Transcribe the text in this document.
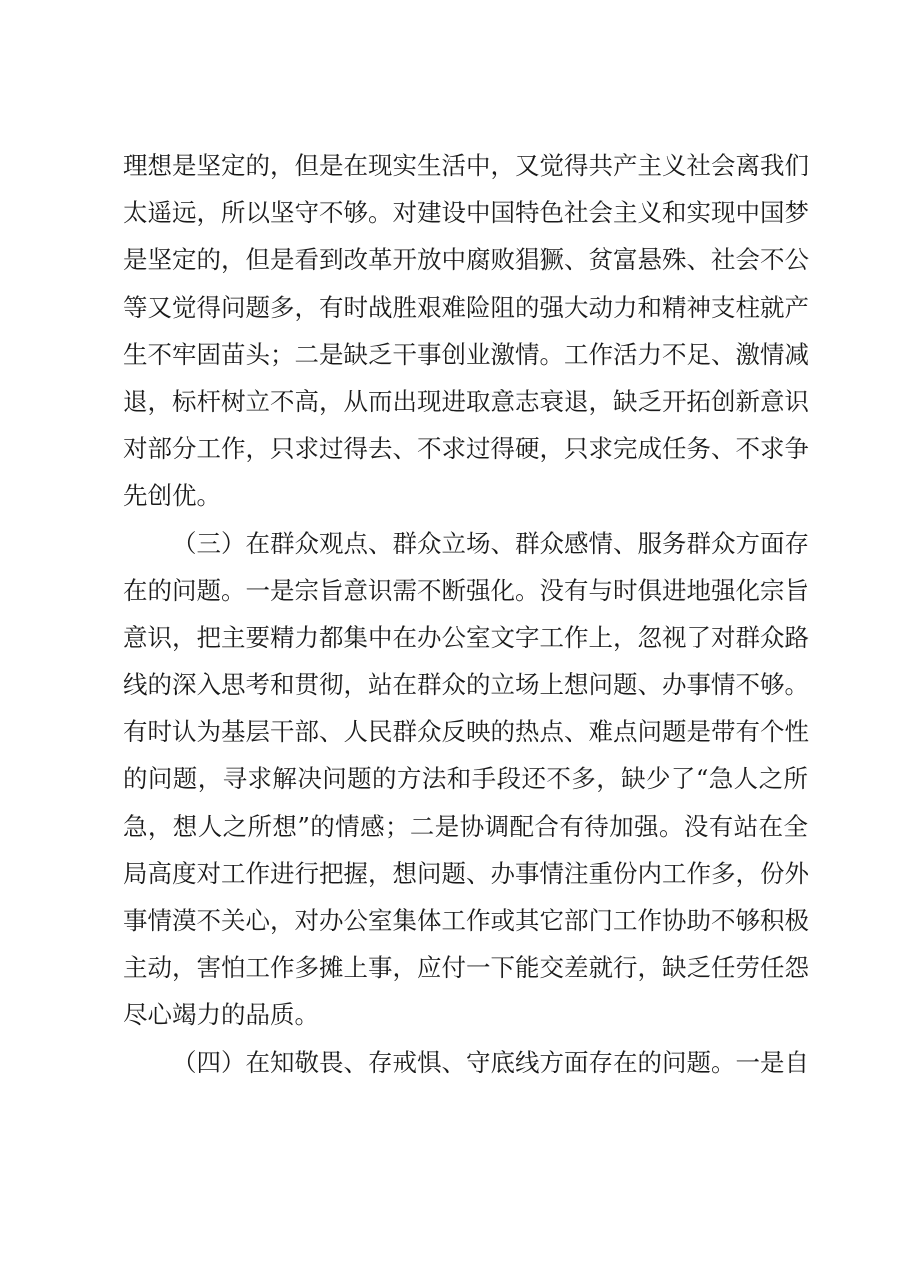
理想是坚定的，但是在现实生活中，又觉得共产主义社会离我们
太遥远，所以坚守不够。对建设中国特色社会主义和实现中国梦
是坚定的，但是看到改革开放中腐败猖獗、贫富悬殊、社会不公
等又觉得问题多，有时战胜艰难险阻的强大动力和精神支柱就产
生不牢固苗头；二是缺乏干事创业激情。工作活力不足、激情减
退，标杆树立不高，从而出现进取意志衰退，缺乏开拓创新意识
对部分工作，只求过得去、不求过得硬，只求完成任务、不求争
先创优。
（三）在群众观点、群众立场、群众感情、服务群众方面存
在的问题。一是宗旨意识需不断强化。没有与时俱进地强化宗旨
意识，把主要精力都集中在办公室文字工作上，忽视了对群众路
线的深入思考和贯彻，站在群众的立场上想问题、办事情不够。
有时认为基层干部、人民群众反映的热点、难点问题是带有个性
的问题，寻求解决问题的方法和手段还不多，缺少了“急人之所
急，想人之所想”的情感；二是协调配合有待加强。没有站在全
局高度对工作进行把握，想问题、办事情注重份内工作多，份外
事情漠不关心，对办公室集体工作或其它部门工作协助不够积极
主动，害怕工作多摊上事，应付一下能交差就行，缺乏任劳任怨
尽心竭力的品质。
（四）在知敬畏、存戒惧、守底线方面存在的问题。一是自
